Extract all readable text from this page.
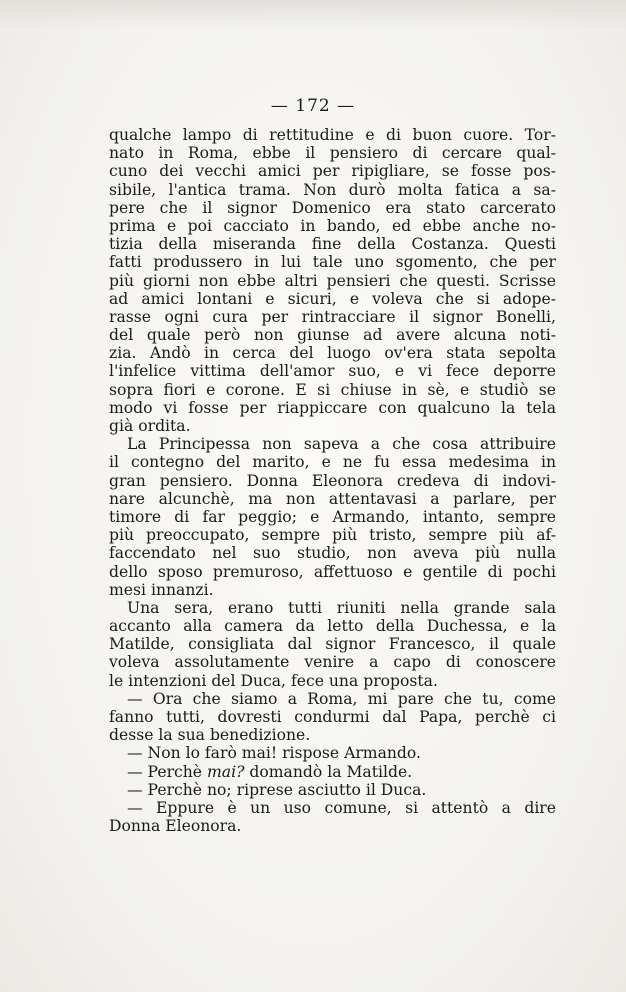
— 172 —
qualche lampo di rettitudine e di buon cuore. Tor-
nato in Roma, ebbe il pensiero di cercare qual-
cuno dei vecchi amici per ripigliare, se fosse pos-
sibile, l'antica trama. Non durò molta fatica a sa-
pere che il signor Domenico era stato carcerato
prima e poi cacciato in bando, ed ebbe anche no-
tizia della miseranda fine della Costanza. Questi
fatti produssero in lui tale uno sgomento, che per
più giorni non ebbe altri pensieri che questi. Scrisse
ad amici lontani e sicuri, e voleva che si adope-
rasse ogni cura per rintracciare il signor Bonelli,
del quale però non giunse ad avere alcuna noti-
zia. Andò in cerca del luogo ov'era stata sepolta
l'infelice vittima dell'amor suo, e vi fece deporre
sopra fiori e corone. E si chiuse in sè, e studiò se
modo vi fosse per riappiccare con qualcuno la tela
già ordita.
La Principessa non sapeva a che cosa attribuire
il contegno del marito, e ne fu essa medesima in
gran pensiero. Donna Eleonora credeva di indovi-
nare alcunchè, ma non attentavasi a parlare, per
timore di far peggio; e Armando, intanto, sempre
più preoccupato, sempre più tristo, sempre più af-
faccendato nel suo studio, non aveva più nulla
dello sposo premuroso, affettuoso e gentile di pochi
mesi innanzi.
Una sera, erano tutti riuniti nella grande sala
accanto alla camera da letto della Duchessa, e la
Matilde, consigliata dal signor Francesco, il quale
voleva assolutamente venire a capo di conoscere
le intenzioni del Duca, fece una proposta.
— Ora che siamo a Roma, mi pare che tu, come
fanno tutti, dovresti condurmi dal Papa, perchè ci
desse la sua benedizione.
— Non lo farò mai! rispose Armando.
— Perchè mai? domandò la Matilde.
— Perchè no; riprese asciutto il Duca.
— Eppure è un uso comune, si attentò a dire
Donna Eleonora.
